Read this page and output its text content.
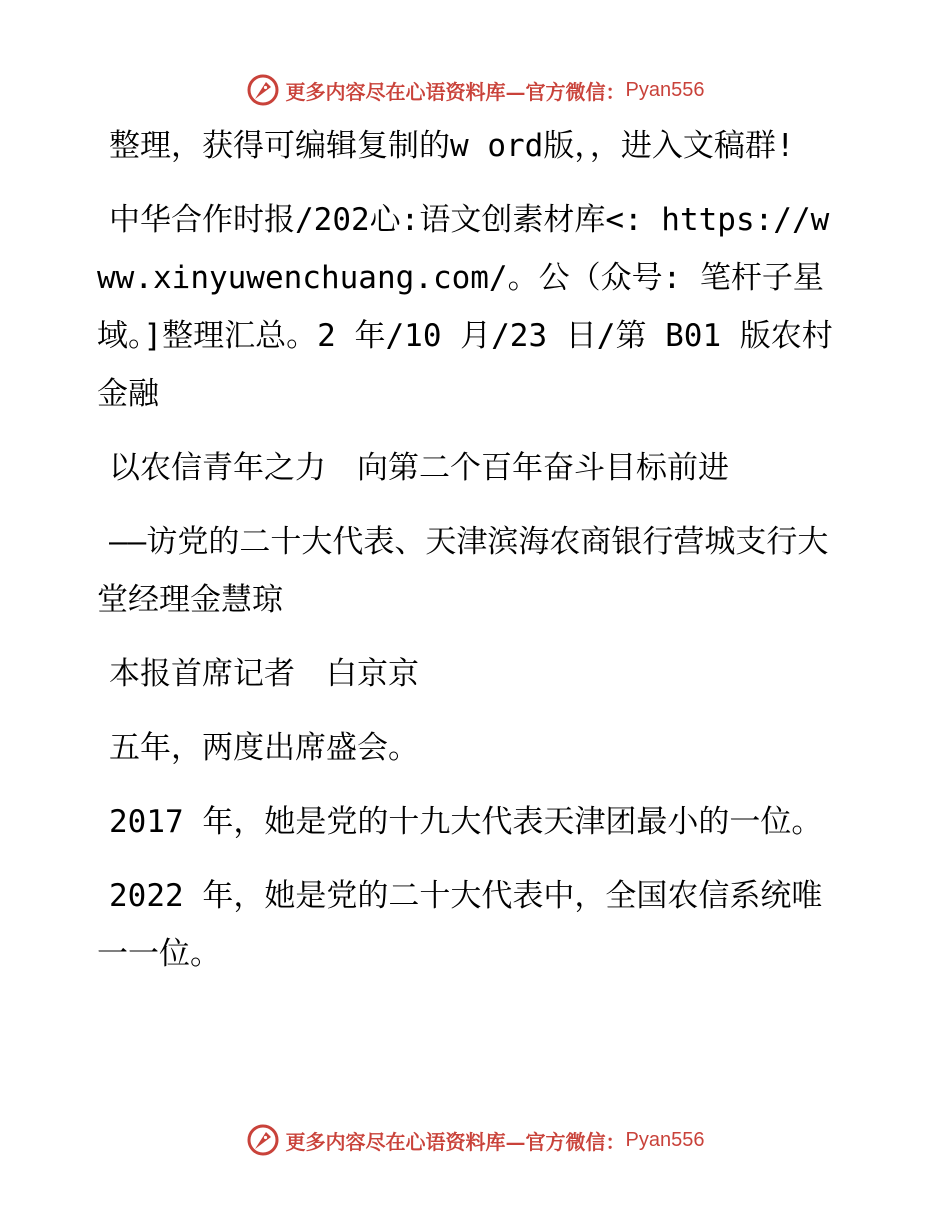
更多内容尽在心语资料库—官方微信： Pyan556

整理，获得可编辑复制的w ord版，，进入文稿群!

中华合作时报/202心:语文创素材库<: https://www.xinyuwenchuang.com/。公（众号: 笔杆子星域。]整理汇总。2 年/10 月/23 日/第 B01 版农村金融

以农信青年之力　向第二个百年奋斗目标前进

——访党的二十大代表、天津滨海农商银行营城支行大堂经理金慧琼

本报首席记者　白京京

五年，两度出席盛会。

2017 年，她是党的十九大代表天津团最小的一位。

2022 年，她是党的二十大代表中，全国农信系统唯一一位。

更多内容尽在心语资料库—官方微信： Pyan556
